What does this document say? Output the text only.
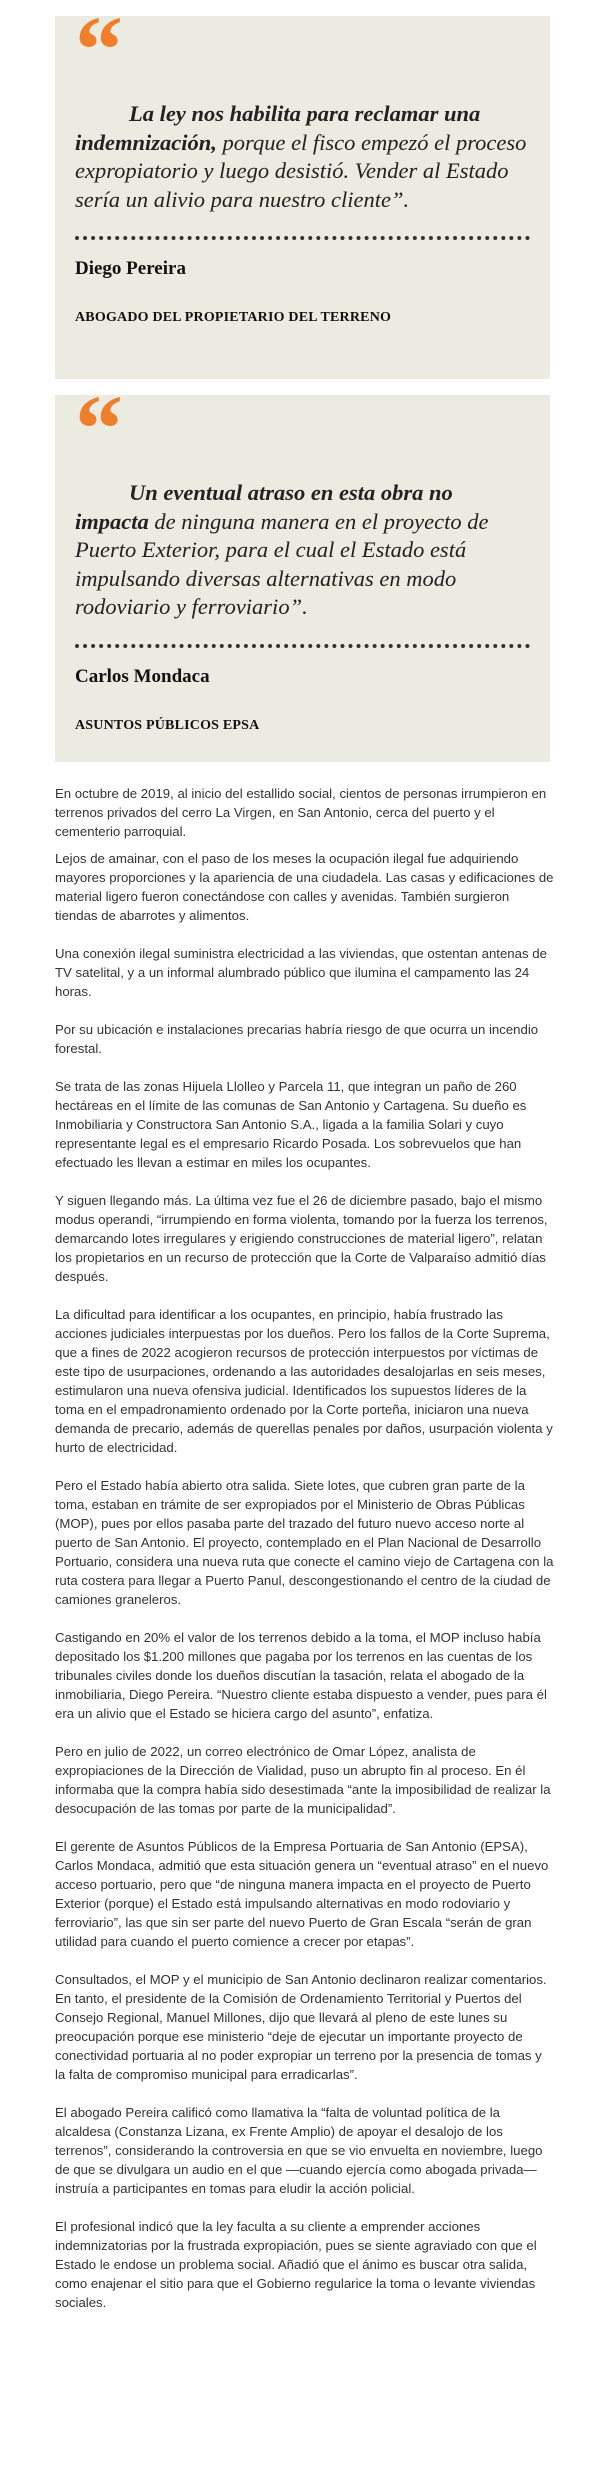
“

La ley nos habilita para reclamar una indemnización, porque el fisco empezó el proceso expropiatorio y luego desistió. Vender al Estado sería un alivio para nuestro cliente”.

Diego Pereira
ABOGADO DEL PROPIETARIO DEL TERRENO
“

Un eventual atraso en esta obra no impacta de ninguna manera en el proyecto de Puerto Exterior, para el cual el Estado está impulsando diversas alternativas en modo rodoviario y ferroviario”.

Carlos Mondaca
ASUNTOS PÚBLICOS EPSA

En octubre de 2019, al inicio del estallido social, cientos de personas irrumpieron en terrenos privados del cerro La Virgen, en San Antonio, cerca del puerto y el cementerio parroquial.

Lejos de amainar, con el paso de los meses la ocupación ilegal fue adquiriendo mayores proporciones y la apariencia de una ciudadela. Las casas y edificaciones de material ligero fueron conectándose con calles y avenidas. También surgieron tiendas de abarrotes y alimentos.

Una conexión ilegal suministra electricidad a las viviendas, que ostentan antenas de TV satelital, y a un informal alumbrado público que ilumina el campamento las 24 horas.

Por su ubicación e instalaciones precarias habría riesgo de que ocurra un incendio forestal.

Se trata de las zonas Hijuela Llolleo y Parcela 11, que integran un paño de 260 hectáreas en el límite de las comunas de San Antonio y Cartagena. Su dueño es Inmobiliaria y Constructora San Antonio S.A., ligada a la familia Solari y cuyo representante legal es el empresario Ricardo Posada. Los sobrevuelos que han efectuado les llevan a estimar en miles los ocupantes.

Y siguen llegando más. La última vez fue el 26 de diciembre pasado, bajo el mismo modus operandi, “irrumpiendo en forma violenta, tomando por la fuerza los terrenos, demarcando lotes irregulares y erigiendo construcciones de material ligero”, relatan los propietarios en un recurso de protección que la Corte de Valparaíso admitió días después.

La dificultad para identificar a los ocupantes, en principio, había frustrado las acciones judiciales interpuestas por los dueños. Pero los fallos de la Corte Suprema, que a fines de 2022 acogieron recursos de protección interpuestos por víctimas de este tipo de usurpaciones, ordenando a las autoridades desalojarlas en seis meses, estimularon una nueva ofensiva judicial. Identificados los supuestos líderes de la toma en el empadronamiento ordenado por la Corte porteña, iniciaron una nueva demanda de precario, además de querellas penales por daños, usurpación violenta y hurto de electricidad.

Pero el Estado había abierto otra salida. Siete lotes, que cubren gran parte de la toma, estaban en trámite de ser expropiados por el Ministerio de Obras Públicas (MOP), pues por ellos pasaba parte del trazado del futuro nuevo acceso norte al puerto de San Antonio. El proyecto, contemplado en el Plan Nacional de Desarrollo Portuario, considera una nueva ruta que conecte el camino viejo de Cartagena con la ruta costera para llegar a Puerto Panul, descongestionando el centro de la ciudad de camiones graneleros.

Castigando en 20% el valor de los terrenos debido a la toma, el MOP incluso había depositado los $1.200 millones que pagaba por los terrenos en las cuentas de los tribunales civiles donde los dueños discutían la tasación, relata el abogado de la inmobiliaria, Diego Pereira. “Nuestro cliente estaba dispuesto a vender, pues para él era un alivio que el Estado se hiciera cargo del asunto”, enfatiza.

Pero en julio de 2022, un correo electrónico de Omar López, analista de expropiaciones de la Dirección de Vialidad, puso un abrupto fin al proceso. En él informaba que la compra había sido desestimada “ante la imposibilidad de realizar la desocupación de las tomas por parte de la municipalidad”.

El gerente de Asuntos Públicos de la Empresa Portuaria de San Antonio (EPSA), Carlos Mondaca, admitió que esta situación genera un “eventual atraso” en el nuevo acceso portuario, pero que “de ninguna manera impacta en el proyecto de Puerto Exterior (porque) el Estado está impulsando alternativas en modo rodoviario y ferroviario”, las que sin ser parte del nuevo Puerto de Gran Escala “serán de gran utilidad para cuando el puerto comience a crecer por etapas”.

Consultados, el MOP y el municipio de San Antonio declinaron realizar comentarios. En tanto, el presidente de la Comisión de Ordenamiento Territorial y Puertos del Consejo Regional, Manuel Millones, dijo que llevará al pleno de este lunes su preocupación porque ese ministerio “deje de ejecutar un importante proyecto de conectividad portuaria al no poder expropiar un terreno por la presencia de tomas y la falta de compromiso municipal para erradicarlas”.

El abogado Pereira calificó como llamativa la “falta de voluntad política de la alcaldesa (Constanza Lizana, ex Frente Amplio) de apoyar el desalojo de los terrenos”, considerando la controversia en que se vio envuelta en noviembre, luego de que se divulgara un audio en el que —cuando ejercía como abogada privada— instruía a participantes en tomas para eludir la acción policial.

El profesional indicó que la ley faculta a su cliente a emprender acciones indemnizatorias por la frustrada expropiación, pues se siente agraviado con que el Estado le endose un problema social. Añadió que el ánimo es buscar otra salida, como enajenar el sitio para que el Gobierno regularice la toma o levante viviendas sociales.
